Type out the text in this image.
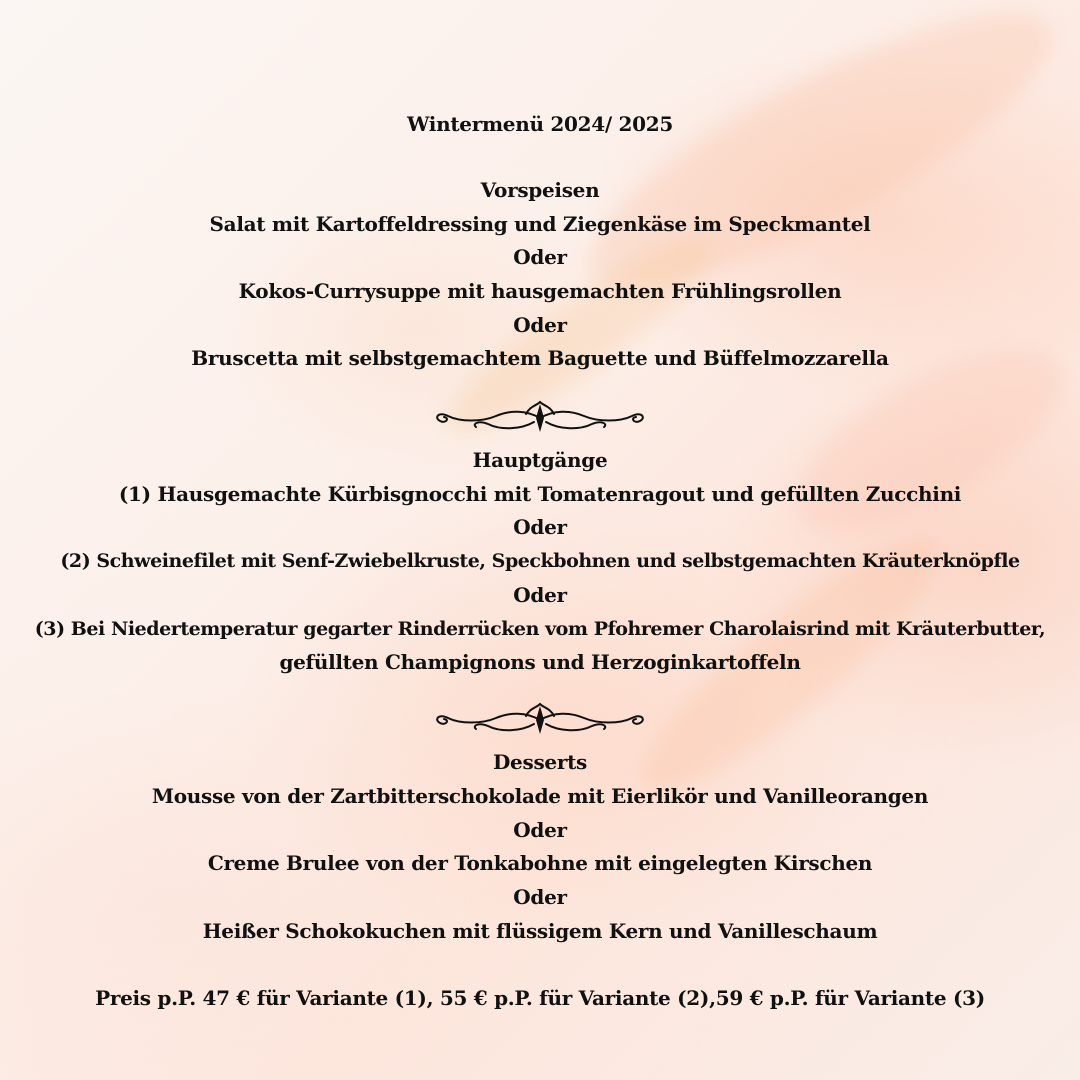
Wintermenü 2024/ 2025
Vorspeisen
Salat mit Kartoffeldressing und Ziegenkäse im Speckmantel
Oder
Kokos-Currysuppe mit hausgemachten Frühlingsrollen
Oder
Bruscetta mit selbstgemachtem Baguette und Büffelmozzarella
Hauptgänge
(1) Hausgemachte Kürbisgnocchi mit Tomatenragout und gefüllten Zucchini
Oder
(2) Schweinefilet mit Senf-Zwiebelkruste, Speckbohnen und selbstgemachten Kräuterknöpfle
Oder
(3) Bei Niedertemperatur gegarter Rinderrücken vom Pfohremer Charolaisrind mit Kräuterbutter,
gefüllten Champignons und Herzoginkartoffeln
Desserts
Mousse von der Zartbitterschokolade mit Eierlikör und Vanilleorangen
Oder
Creme Brulee von der Tonkabohne mit eingelegten Kirschen
Oder
Heißer Schokokuchen mit flüssigem Kern und Vanilleschaum
Preis p.P. 47 € für Variante (1), 55 € p.P. für Variante (2),59 € p.P. für Variante (3)
